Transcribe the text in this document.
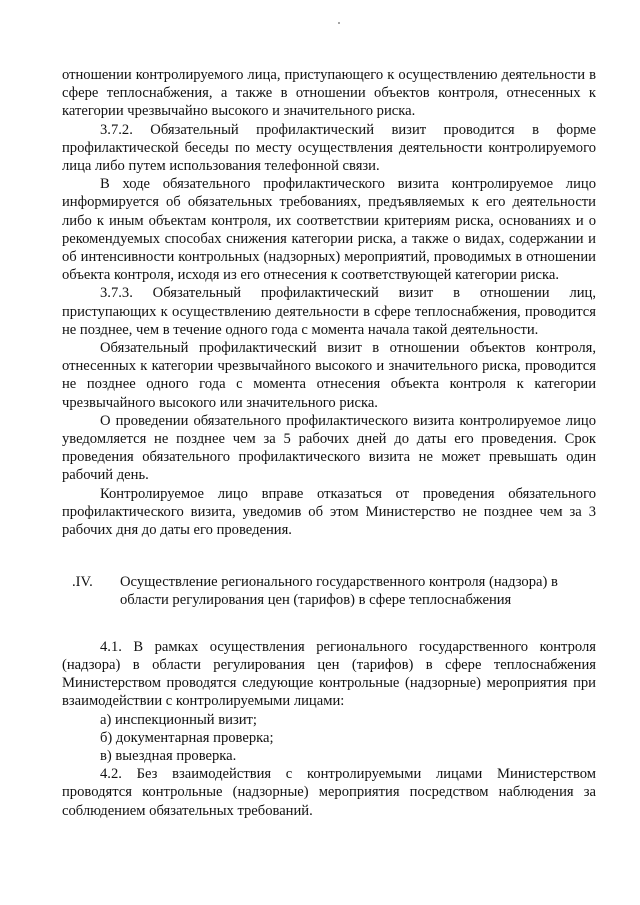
отношении контролируемого лица, приступающего к осуществлению деятельности в сфере теплоснабжения, а также в отношении объектов контроля, отнесенных к категории чрезвычайно высокого и значительного риска.

3.7.2. Обязательный профилактический визит проводится в форме профилактической беседы по месту осуществления деятельности контролируемого лица либо путем использования телефонной связи.

В ходе обязательного профилактического визита контролируемое лицо информируется об обязательных требованиях, предъявляемых к его деятельности либо к иным объектам контроля, их соответствии критериям риска, основаниях и о рекомендуемых способах снижения категории риска, а также о видах, содержании и об интенсивности контрольных (надзорных) мероприятий, проводимых в отношении объекта контроля, исходя из его отнесения к соответствующей категории риска.

3.7.3. Обязательный профилактический визит в отношении лиц, приступающих к осуществлению деятельности в сфере теплоснабжения, проводится не позднее, чем в течение одного года с момента начала такой деятельности.

Обязательный профилактический визит в отношении объектов контроля, отнесенных к категории чрезвычайного высокого и значительного риска, проводится не позднее одного года с момента отнесения объекта контроля к категории чрезвычайного высокого или значительного риска.

О проведении обязательного профилактического визита контролируемое лицо уведомляется не позднее чем за 5 рабочих дней до даты его проведения. Срок проведения обязательного профилактического визита не может превышать один рабочий день.

Контролируемое лицо вправе отказаться от проведения обязательного профилактического визита, уведомив об этом Министерство не позднее чем за 3 рабочих дня до даты его проведения.

.IV. Осуществление регионального государственного контроля (надзора) в
области регулирования цен (тарифов) в сфере теплоснабжения

4.1. В рамках осуществления регионального государственного контроля (надзора) в области регулирования цен (тарифов) в сфере теплоснабжения Министерством проводятся следующие контрольные (надзорные) мероприятия при взаимодействии с контролируемыми лицами:

а) инспекционный визит;

б) документарная проверка;

в) выездная проверка.

4.2. Без взаимодействия с контролируемыми лицами Министерством проводятся контрольные (надзорные) мероприятия посредством наблюдения за соблюдением обязательных требований.
